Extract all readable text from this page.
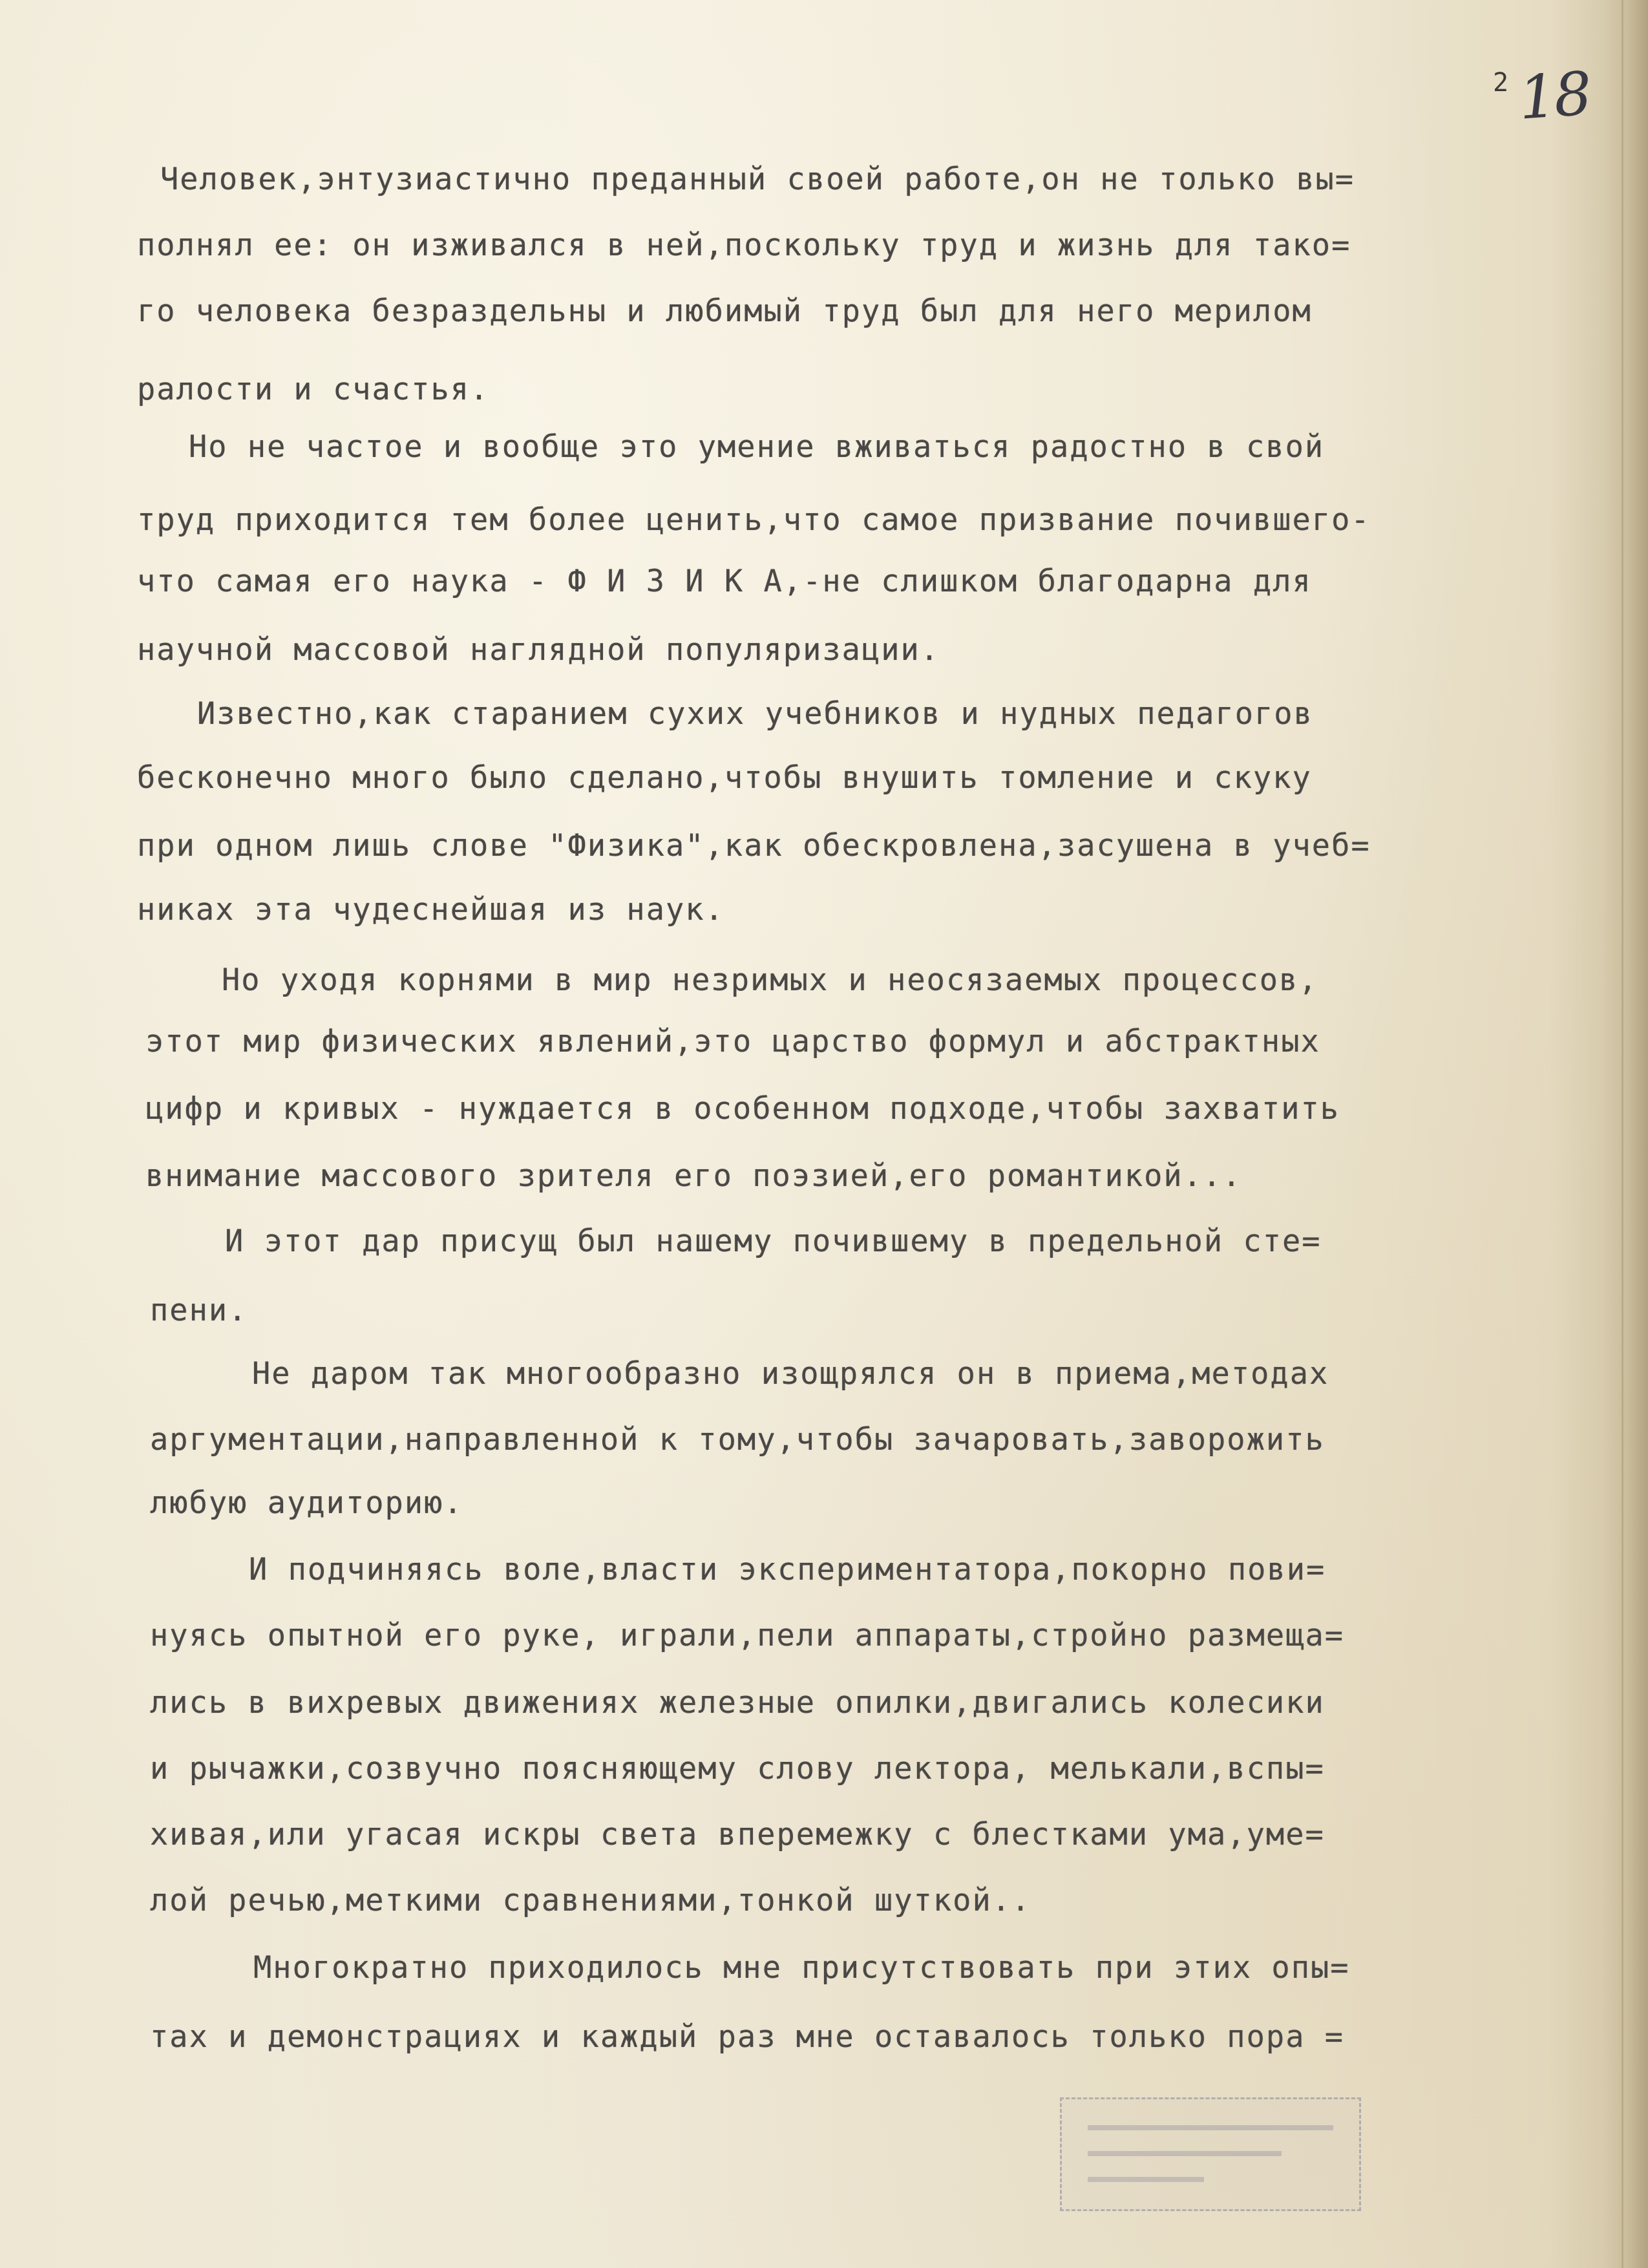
2 18
Человек,энтузиастично преданный своей работе,он не только вы=
полнял ее: он изживался в ней,поскольку труд и жизнь для тако=
го человека безраздельны и любимый труд был для него мерилом
ралости и счастья.
Но не частое и вообще это умение вживаться радостно в свой
труд приходится тем более ценить,что самое призвание почившего-
что самая его наука - Ф И З И К А,-не слишком благодарна для
научной массовой наглядной популяризации.
Известно,как старанием сухих учебников и нудных педагогов
бесконечно много было сделано,чтобы внушить томление и скуку
при одном лишь слове "Физика",как обескровлена,засушена в учеб=
никах эта чудеснейшая из наук.
Но уходя корнями в мир незримых и неосязаемых процессов,
этот мир физических явлений,это царство формул и абстрактных
цифр и кривых - нуждается в особенном подходе,чтобы захватить
внимание массового зрителя его поэзией,его романтикой...
И этот дар присущ был нашему почившему в предельной сте=
пени.
Не даром так многообразно изощрялся он в приема,методах
аргументации,направленной к тому,чтобы зачаровать,заворожить
любую аудиторию.
И подчиняясь воле,власти экспериментатора,покорно пови=
нуясь опытной его руке, играли,пели аппараты,стройно размеща=
лись в вихревых движениях железные опилки,двигались колесики
и рычажки,созвучно поясняющему слову лектора, мелькали,вспы=
хивая,или угасая искры света вперемежку с блестками ума,уме=
лой речью,меткими сравнениями,тонкой шуткой..
Многократно приходилось мне присутствовать при этих опы=
тах и демонстрациях и каждый раз мне оставалось только пора =
